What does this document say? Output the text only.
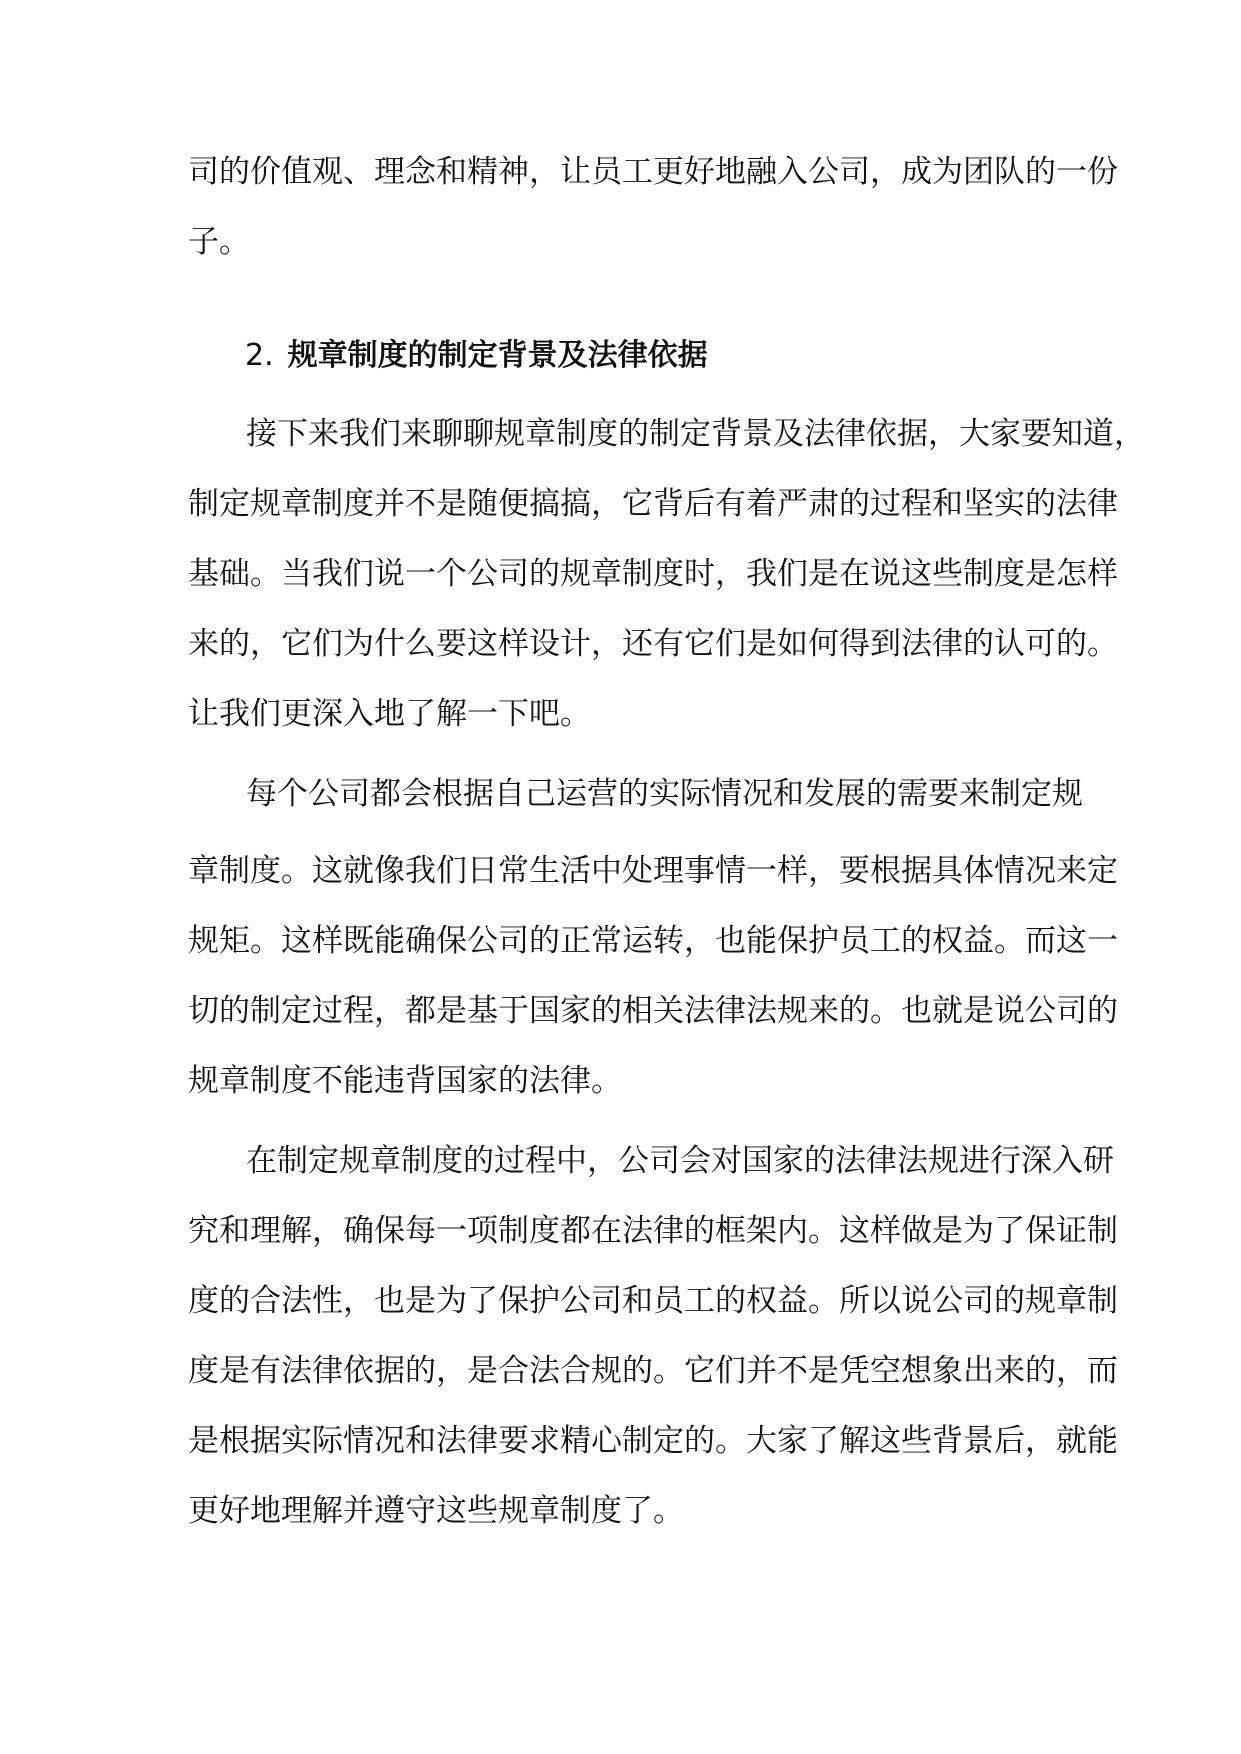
司的价值观、理念和精神，让员工更好地融入公司，成为团队的一份
子。
2. 规章制度的制定背景及法律依据
接下来我们来聊聊规章制度的制定背景及法律依据，大家要知道，
制定规章制度并不是随便搞搞，它背后有着严肃的过程和坚实的法律
基础。当我们说一个公司的规章制度时，我们是在说这些制度是怎样
来的，它们为什么要这样设计，还有它们是如何得到法律的认可的。
让我们更深入地了解一下吧。
每个公司都会根据自己运营的实际情况和发展的需要来制定规
章制度。这就像我们日常生活中处理事情一样，要根据具体情况来定
规矩。这样既能确保公司的正常运转，也能保护员工的权益。而这一
切的制定过程，都是基于国家的相关法律法规来的。也就是说公司的
规章制度不能违背国家的法律。
在制定规章制度的过程中，公司会对国家的法律法规进行深入研
究和理解，确保每一项制度都在法律的框架内。这样做是为了保证制
度的合法性，也是为了保护公司和员工的权益。所以说公司的规章制
度是有法律依据的，是合法合规的。它们并不是凭空想象出来的，而
是根据实际情况和法律要求精心制定的。大家了解这些背景后，就能
更好地理解并遵守这些规章制度了。
